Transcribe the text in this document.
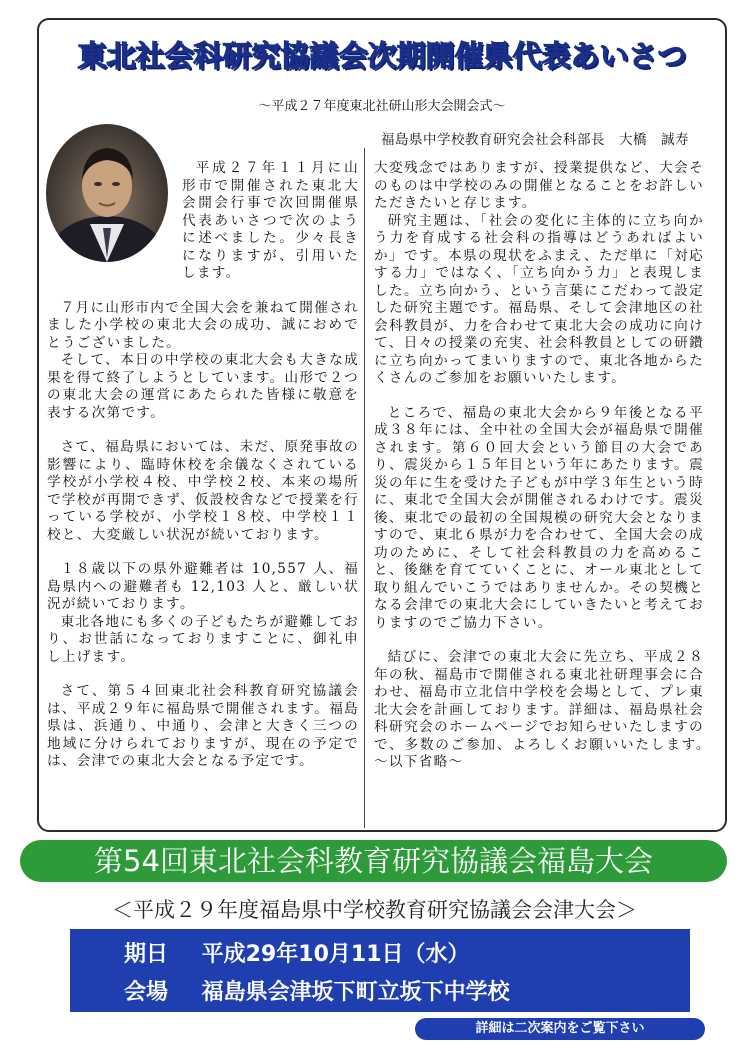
東北社会科研究協議会次期開催県代表あいさつ
～平成２７年度東北社研山形大会開会式～
福島県中学校教育研究会社会科部長　大橋　誠寿

平成２７年１１月に山形市で開催された東北大会開会行事で次回開催県代表あいさつで次のように述べました。少々長きになりますが、引用いたします。

７月に山形市内で全国大会を兼ねて開催されました小学校の東北大会の成功、誠におめでとうございました。

そして、本日の中学校の東北大会も大きな成果を得て終了しようとしています。山形で２つの東北大会の運営にあたられた皆様に敬意を表する次第です。

さて、福島県においては、未だ、原発事故の影響により、臨時休校を余儀なくされている学校が小学校４校、中学校２校、本来の場所で学校が再開できず、仮設校舎などで授業を行っている学校が、小学校１８校、中学校１１校と、大変厳しい状況が続いております。

１８歳以下の県外避難者は 10,557 人、福島県内への避難者も 12,103 人と、厳しい状況が続いております。

東北各地にも多くの子どもたちが避難しており、お世話になっておりますことに、御礼申し上げます。

さて、第５４回東北社会科教育研究協議会は、平成２９年に福島県で開催されます。福島県は、浜通り、中通り、会津と大きく三つの地域に分けられておりますが、現在の予定では、会津での東北大会となる予定です。

大変残念ではありますが、授業提供など、大会そのものは中学校のみの開催となることをお許しいただきたいと存じます。

研究主題は、「社会の変化に主体的に立ち向かう力を育成する社会科の指導はどうあればよいか」です。本県の現状をふまえ、ただ単に「対応する力」ではなく、「立ち向かう力」と表現しました。立ち向かう、という言葉にこだわって設定した研究主題です。福島県、そして会津地区の社会科教員が、力を合わせて東北大会の成功に向けて、日々の授業の充実、社会科教員としての研鑽に立ち向かってまいりますので、東北各地からたくさんのご参加をお願いいたします。

ところで、福島の東北大会から９年後となる平成３８年には、全中社の全国大会が福島県で開催されます。第６０回大会という節目の大会であり、震災から１５年目という年にあたります。震災の年に生を受けた子どもが中学３年生という時に、東北で全国大会が開催されるわけです。震災後、東北での最初の全国規模の研究大会となりますので、東北６県が力を合わせて、全国大会の成功のために、そして社会科教員の力を高めること、後継を育てていくことに、オール東北として取り組んでいこうではありませんか。その契機となる会津での東北大会にしていきたいと考えておりますのでご協力下さい。

結びに、会津での東北大会に先立ち、平成２８年の秋、福島市で開催される東北社研理事会に合わせ、福島市立北信中学校を会場として、プレ東北大会を計画しております。詳細は、福島県社会科研究会のホームページでお知らせいたしますので、多数のご参加、よろしくお願いいたします。　～以下省略～

第54回東北社会科教育研究協議会福島大会
＜平成２９年度福島県中学校教育研究協議会会津大会＞
期日 平成29年10月11日（水）
会場 福島県会津坂下町立坂下中学校
詳細は二次案内をご覧下さい
